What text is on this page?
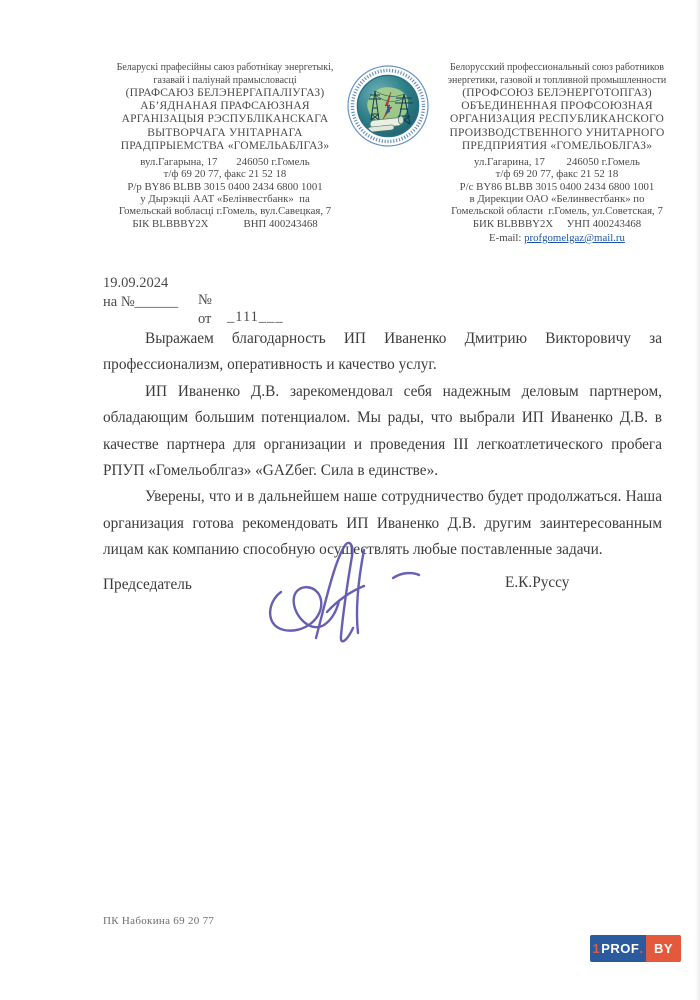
Беларускі прафесійны саюз работнікау энергетыкі,
газавай і паліунай прамысловасці
(ПРАФСАЮЗ БЕЛЭНЕРГАПАЛІУГАЗ)
АБ’ЯДНАНАЯ ПРАФСАЮЗНАЯ
АРГАНІЗАЦЫЯ РЭСПУБЛІКАНСКАГА
ВЫТВОРЧАГА УНІТАРНАГА
ПРАДПРЫЕМСТВА «ГОМЕЛЬАБЛГАЗ»
вул.Гагарына, 17       246050 г.Гомель
т/ф 69 20 77, факс 21 52 18
Р/р BY86 BLBB 3015 0400 2434 6800 1001
у Дырэкціі ААТ «Белінвестбанк»  па
Гомельскай вобласці г.Гомель, вул.Савецкая, 7
БІК BLBBBY2X             ВНП 400243468
Белорусский профессиональный союз работников
энергетики, газовой и топливной промышленности
(ПРОФСОЮЗ БЕЛЭНЕРГОТОПГАЗ)
ОБЪЕДИНЕННАЯ ПРОФСОЮЗНАЯ
ОРГАНИЗАЦИЯ РЕСПУБЛИКАНСКОГО
ПРОИЗВОДСТВЕННОГО УНИТАРНОГО
ПРЕДПРИЯТИЯ «ГОМЕЛЬОБЛГАЗ»
ул.Гагарина, 17        246050 г.Гомель
т/ф 69 20 77, факс 21 52 18
Р/с BY86 BLBB 3015 0400 2434 6800 1001
в Дирекции ОАО «Белинвестбанк» по
Гомельской области  г.Гомель, ул.Советская, 7
БИК BLBBBY2X     УНП 400243468
E-mail: profgomelgaz@mail.ru

19.09.2024

№

_111___

на №______

от

Выражаем благодарность ИП Иваненко Дмитрию Викторовичу за профессионализм, оперативность и качество услуг.

ИП Иваненко Д.В. зарекомендовал себя надежным деловым партнером, обладающим большим потенциалом. Мы рады, что выбрали ИП Иваненко Д.В. в качестве партнера для организации и проведения III легкоатлетического пробега РПУП «Гомельоблгаз» «GAZбег. Сила в единстве».

Уверены, что и в дальнейшем наше сотрудничество будет продолжаться. Наша организация готова рекомендовать ИП Иваненко Д.В. другим заинтересованным лицам как компанию способную осуществлять любые поставленные задачи.

Председатель	Е.К.Руссу
ПК Набокина 69 20 77
1 PROF . BY
